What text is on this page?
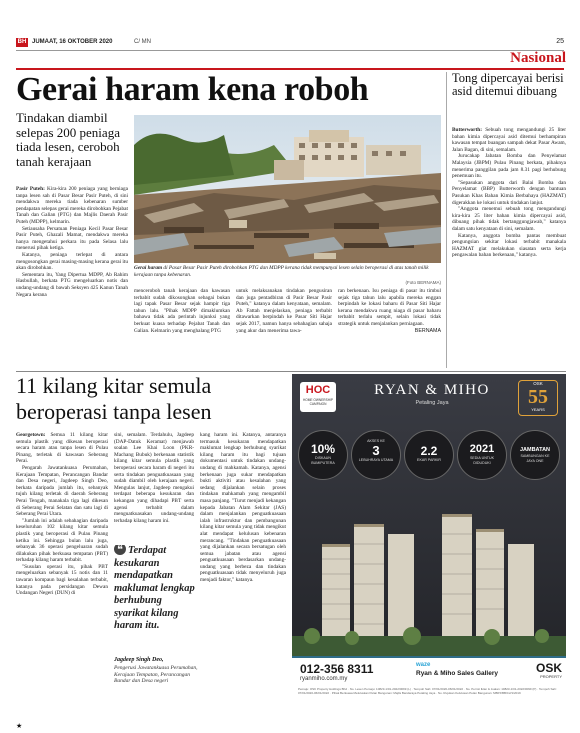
BH JUMAAT, 16 OKTOBER 2020	C/ MN	25
Nasional
Gerai haram kena roboh
Tindakan diambil selepas 200 peniaga tiada lesen, ceroboh tanah kerajaan
Gerai haram di Pasar Besar Pasir Puteh dirobohkan PTG dan MDPP kerana tidak mempunyai lesen selain beroperasi di atas tanah milik kerajaan tanpa kebenaran.
(Foto BERNAMA)

Pasir Puteh: Kira-kira 200 peniaga yang berniaga tanpa lesen sah di Pasar Besar Pasir Puteh, di sini mendakwa mereka tiada kebenaran sumber pendapatan selepas gerai mereka dirobohkan Pejabat Tanah dan Galian (PTG) dan Majlis Daerah Pasir Puteh (MDPP), kelmarin.

Setiausaha Persatuan Peniaga Kecil Pasar Besar Pasir Puteh, Ghazali Mamat, mendakwa mereka hanya mengetahui perkara itu pada Selasa lalu menerusi pihak ketiga.

Katanya, peniaga terlepat di antara mengosongkan gerai masing-masing kerana gerai itu akan dirobohkan.

Sementara itu, Yang Dipertua MDPP, Ab Rahim Hasbullah, berkata PTG mengeluarkan notis dan undang-undang di bawah Seksyen 425 Kanun Tanah Negara kerana

menceroboh tanah kerajaan dan kawasan terbabit sudah dikosongkan sebagai bukan lagi tapak Pasar Besar sejak hampir tiga tahun lalu. "Pihak MDPP dimaklumkan bahawa tidak ada perintah injunksi yang berkuat kuasa terhadap Pejabat Tanah dan Galian. Kelmarin yang menghalang PTG

untuk melaksanakan tindakan pengusiran dan juga pentadbiran di Pasir Besar Pasir Puteh," katanya dalam kenyataan, semalam. Ab Fattah menjelaskan, peniaga terbabit ditawarkan berpindah ke Pasar Siti Hajar sejak 2017, namun hanya sebahagian sahaja yang akur dan menerima tawa-

ran berkenaan. Isu peniaga di pasar itu timbul sejak tiga tahun lalu apabila mereka enggan berpindah ke lokasi baharu di Pasar Siti Hajar kerana mendakwa ruang niaga di pasar baharu terbabit terlalu sempit, selain lokasi tidak strategik untuk menjalankan perniagaan.

BERNAMA

Tong dipercayai berisi asid ditemui dibuang

Butterworth: Sebuah tong mengandungi 25 liter bahan kimia dipercayai asid ditemui berhampiran kawasan tempat buangan sampah dekat Pasar Awam, Jalan Bagan, di sini, semalam.

Jurucakap Jabatan Bomba dan Penyelamat Malaysia (JBPM) Pulau Pinang berkata, pihaknya menerima panggilan pada jam 8.31 pagi berhubung penemuan itu.

"Sepasukan anggota dari Balai Bomba dan Penyelamat (BBP) Butterworth dengan bantuan Pasukan Khas Bahan Kimia Berbahaya (HAZMAT) digerakkan ke lokasi untuk tindakan lanjut.

"Anggota menemui sebuah tong mengandungi kira-kira 25 liter bahan kimia dipercayai asid, dibuang pihak tidak bertanggungjawab," katanya dalam satu kenyataan di sini, semalam.

Katanya, anggota bomba pantas membuat pengungsian sekitar lokasi terbabit manakala HAZMAT giat melakukan siasatan serta kerja pengawalan bahan berkenaan," katanya.

11 kilang kitar semula beroperasi tanpa lesen

Georgetown: Semua 11 kilang kitar semula plastik yang dikesan beroperasi secara haram atau tanpa lesen di Pulau Pinang, terletak di kawasan Seberang Perai.

Pengarah Jawatankuasa Perumahan, Kerajaan Tempatan, Perancangan Bandar dan Desa negeri, Jagdeep Singh Deo, berkata daripada jumlah itu, sebanyak tujuh kilang terletak di daerah Seberang Perai Tengah, manakala tiga lagi dikesan di Seberang Perai Selatan dan satu lagi di Seberang Perai Utara.

"Jumlah ini adalah sebahagian daripada keseluruhan 102 kilang kitar semula plastik yang beroperasi di Pulau Pinang ketika ini. Sehingga bulan lalu juga, sebanyak 36 operasi pengeluaran sudah dilakukan pihak berkuasa tempatan (PBT) terhadap kilang haram terbabit.

"Susulan operasi itu, pihak PBT mengeluarkan sebanyak 15 notis dan 11 tawaran kompaun bagi kesalahan terbabit, katanya pada persidangan Dewan Undangan Negeri (DUN) di

sini, semalam. Terdahulu, Jagdeep (DAP-Datuk Keramat) menjawab soalan Lee Khai Loon (PKR-Machang Bubuk) berkenaan statistik kilang kitar semula plastik yang beroperasi secara haram di negeri itu serta tindakan penguatkuasaan yang sudah diambil oleh kerajaan negeri. Mengulas lanjut, Jagdeep mengakui terdapat beberapa kesukaran dan kekangan yang dihadapi PBT serta agensi terbabit dalam menguatkuasakan undang-undang terhadap kilang haram ini.

❝ Terdapat kesukaran mendapatkan maklumat lengkap berhubung syarikat kilang haram itu.
Jagdeep Singh Deo,
Pengerusi Jawatankuasa Perumahan, Kerajaan Tempatan, Perancangan Bandar dan Desa negeri

kang haram ini. Katanya, antaranya termasuk kesukaran mendapatkan maklumat lengkap berhubung syarikat kilang haram itu bagi tujuan dokumentasi untuk tindakan undang-undang di mahkamah. Katanya, agensi berkenaan juga sukar mendapatkan bukti aktiviti atau kesalahan yang sedang dijalankan selain proses tindakan mahkamah yang mengambil masa panjang. "Turut menjadi kekangan kepada Jabatan Alam Sekitar (JAS) dalam menjalankan penguatkuasaan ialah infrastruktur dan pembangunan kilang kitar semula yang tidak mengikut alat mendapat kelulusan kebenaran merancang. "Tindakan penguatkuasaan yang dijalankan secara bersatugan oleh semua jabatan atau agensi penguatkuasaan berdasarkan undang-undang yang berbeza dan tindakan penguatkuasaan tidak menyeluruh juga menjadi faktor," katanya.

HOC
HOME OWNERSHIP CAMPAIGN
RYAN & MIHO
Petaling Jaya
OSK
55
YEARS
10%
DISKAUN BUMIPUTERA
AKSES KE
3
LEBUHRAYA UTAMA
2.2
EKAR PARKIR
2021
SEDIA UNTUK DIDUDUKI
JAMBATAN
SAMBUNGAN KE JAYA ONE
012-356 8311
ryanmiho.com.my
waze
Ryan & Miho Sales Gallery	OSK
PROPERTY
Pemaju: OSK Property Holdings Bhd · No. Lesen Pemaju: 10823-1/01-2022/0099 (L) · Tempoh Sah: 07/01/2020-06/01/2022 · No. Permit Iklan & Jualan: 10823-1/01-2022/0099 (P) · Tempoh Sah: 07/01/2020-06/01/2022 · Pihak Berkuasa Meluluskan Pelan Bangunan: Majlis Bandaraya Petaling Jaya · No. Rujukan Kelulusan Pelan Bangunan: MBPJ/BB/C2/1/2019
★
